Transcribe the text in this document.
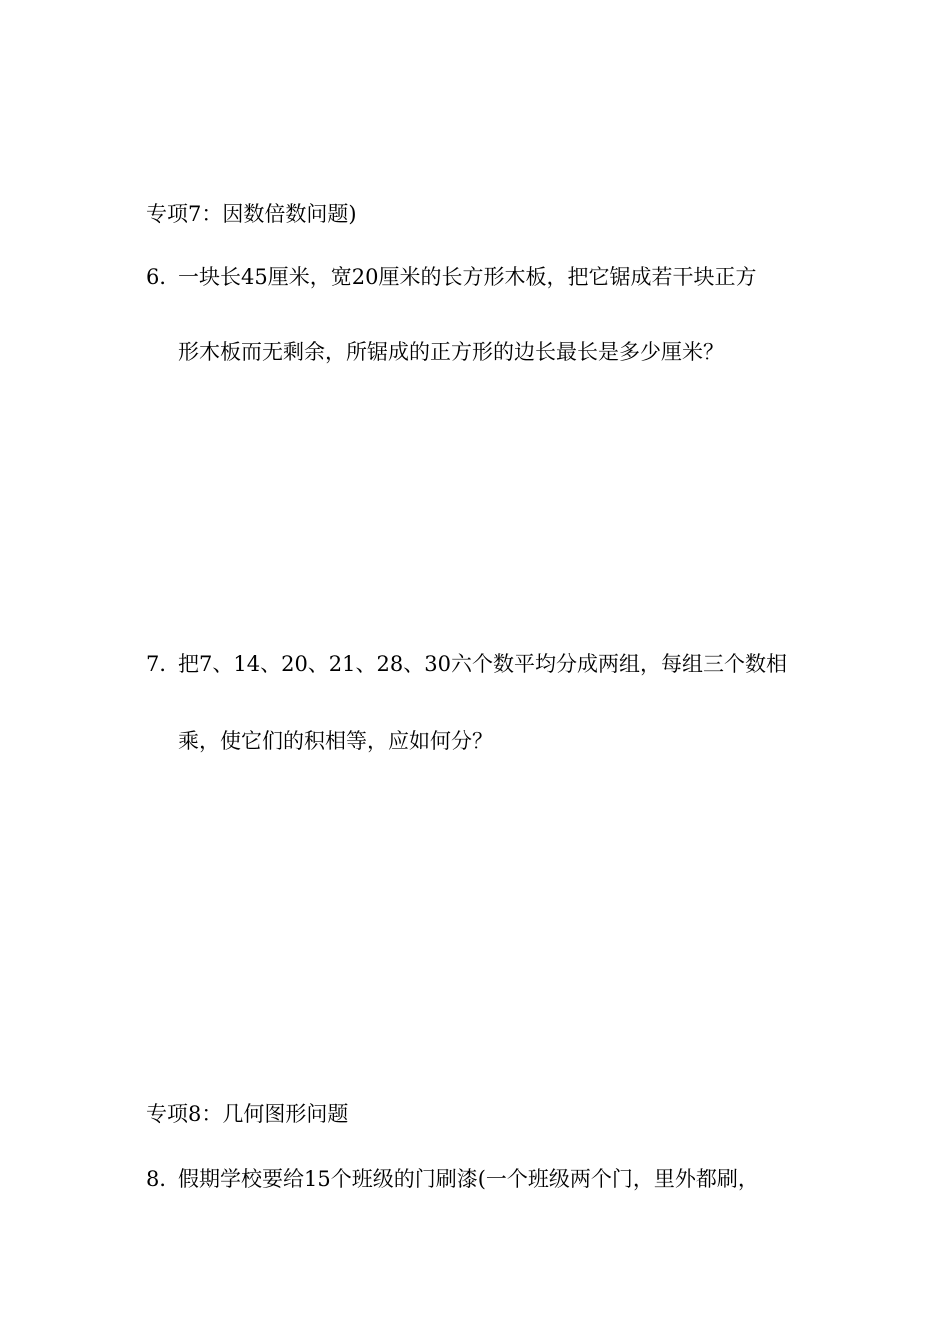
专项7：因数倍数问题)
6．一块长45厘米，宽20厘米的长方形木板，把它锯成若干块正方
形木板而无剩余，所锯成的正方形的边长最长是多少厘米？
7．把7、14、20、21、28、30六个数平均分成两组，每组三个数相
乘，使它们的积相等，应如何分？
专项8：几何图形问题
8．假期学校要给15个班级的门刷漆(一个班级两个门，里外都刷，
